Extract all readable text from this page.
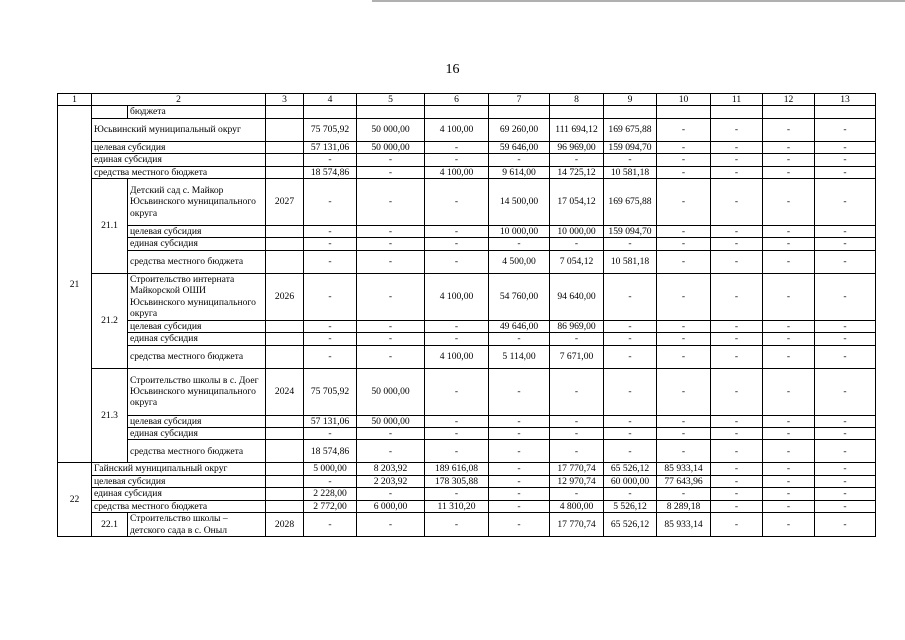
16
1	2		3	4	5	6	7	8	9	10	11	12	13
21		бюджета											
	Юсьвинский муниципальный округ			75 705,92	50 000,00	4 100,00	69 260,00	111 694,12	169 675,88	-	-	-	-
	целевая субсидия			57 131,06	50 000,00	-	59 646,00	96 969,00	159 094,70	-	-	-	-
	единая субсидия			-	-	-	-	-	-	-	-	-	-
	средства местного бюджета			18 574,86	-	4 100,00	9 614,00	14 725,12	10 581,18	-	-	-	-
	21.1	Детский сад с. Майкор Юсьвинского муниципального округа	2027	-	-	-	14 500,00	17 054,12	169 675,88	-	-	-	-
		целевая субсидия		-	-	-	10 000,00	10 000,00	159 094,70	-	-	-	-
		единая субсидия		-	-	-	-	-	-	-	-	-	-
		средства местного бюджета		-	-	-	4 500,00	7 054,12	10 581,18	-	-	-	-
	21.2	Строительство интерната Майкорской ОШИ Юсьвинского муниципального округа	2026	-	-	4 100,00	54 760,00	94 640,00	-	-	-	-	-
		целевая субсидия		-	-	-	49 646,00	86 969,00	-	-	-	-	-
		единая субсидия		-	-	-	-	-	-	-	-	-	-
		средства местного бюджета		-	-	4 100,00	5 114,00	7 671,00	-	-	-	-	-
	21.3	Строительство школы в с. Доег Юсьвинского муниципального округа	2024	75 705,92	50 000,00	-	-	-	-	-	-	-	-
		целевая субсидия		57 131,06	50 000,00	-	-	-	-	-	-	-	-
		единая субсидия		-	-	-	-	-	-	-	-	-	-
		средства местного бюджета		18 574,86	-	-	-	-	-	-	-	-	-
22	Гайнский муниципальный округ			5 000,00	8 203,92	189 616,08	-	17 770,74	65 526,12	85 933,14	-	-	-
	целевая субсидия			-	2 203,92	178 305,88	-	12 970,74	60 000,00	77 643,96	-	-	-
	единая субсидия			2 228,00	-	-	-	-	-	-	-	-	-
	средства местного бюджета			2 772,00	6 000,00	11 310,20	-	4 800,00	5 526,12	8 289,18	-	-	-
	22.1	Строительство школы – детского сада в с. Оныл	2028	-	-	-	-	17 770,74	65 526,12	85 933,14	-	-	-
